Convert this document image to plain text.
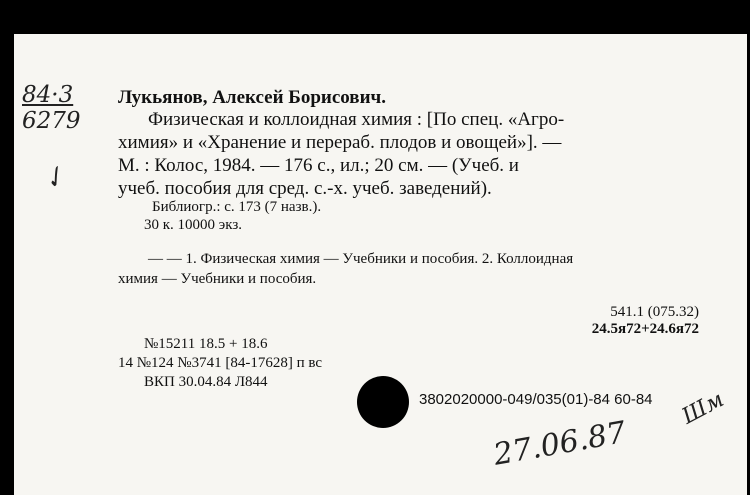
84·3
6279
✓
Лукьянов, Алексей Борисович.
Физическая и коллоидная химия : [По спец. «Агро-
химия» и «Хранение и перераб. плодов и овощей»]. —
М. : Колос, 1984. — 176 с., ил.; 20 см. — (Учеб. и
учеб. пособия для сред. с.-х. учеб. заведений).
Библиогр.: с. 173 (7 назв.).
30 к. 10000 экз.
— — 1. Физическая химия — Учебники и пособия. 2. Коллоидная
химия — Учебники и пособия.
541.1 (075.32)
24.5я72+24.6я72
№15211 18.5 + 18.6
14 №124 №3741 [84-17628] п вс
ВКП 30.04.84 Л844
3802020000-049/035(01)-84 60-84
27.06.87
Шм
